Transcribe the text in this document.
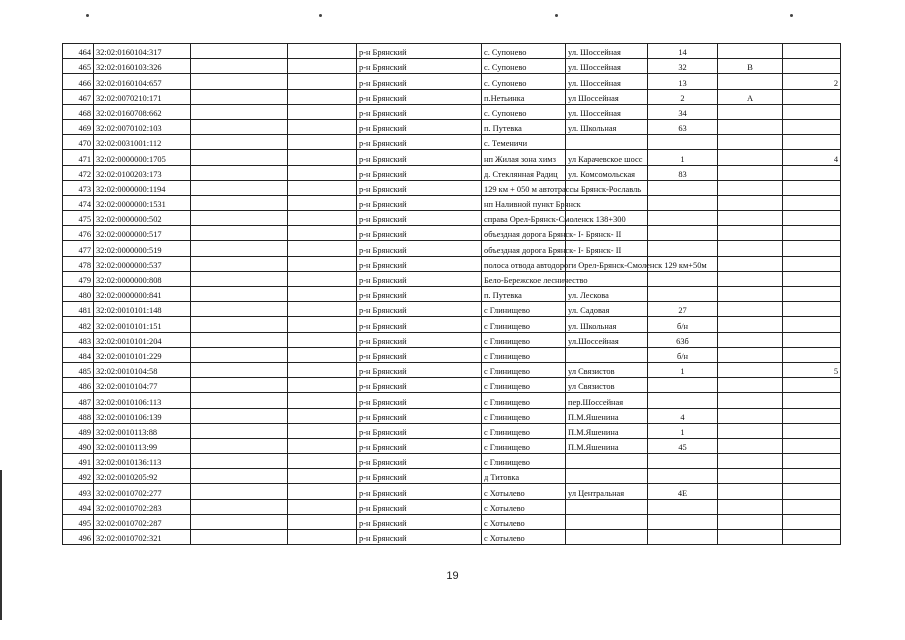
464	32:02:0160104:317			р-н Брянский	с. Супонево	ул. Шоссейная	14		
465	32:02:0160103:326			р-н Брянский	с. Супонево	ул. Шоссейная	32	В	
466	32:02:0160104:657			р-н Брянский	с. Супонево	ул. Шоссейная	13		2
467	32:02:0070210:171			р-н Брянский	п.Нетьинка	ул Шоссейная	2	А	
468	32:02:0160708:662			р-н Брянский	с. Супонево	ул. Шоссейная	34		
469	32:02:0070102:103			р-н Брянский	п. Путевка	ул. Школьная	63		
470	32:02:0031001:112			р-н Брянский	с. Теменичи				
471	32:02:0000000:1705			р-н Брянский	нп Жилая зона химз	ул Карачевское шосс	1		4
472	32:02:0100203:173			р-н Брянский	д. Стеклянная Радиц	ул. Комсомольская	83		
473	32:02:0000000:1194			р-н Брянский	129 км + 050 м автотрассы Брянск-Рославль				
474	32:02:0000000:1531			р-н Брянский	нп Наливной пункт Брянск				
475	32:02:0000000:502			р-н Брянский	справа Орел-Брянск-Смоленск 138+300				
476	32:02:0000000:517			р-н Брянский	объездная дорога Брянск- I- Брянск- II				
477	32:02:0000000:519			р-н Брянский	объездная дорога Брянск- I- Брянск- II				
478	32:02:0000000:537			р-н Брянский	полоса отвода автодороги Орел-Брянск-Смоленск 129 км+50м				
479	32:02:0000000:808			р-н Брянский	Бело-Бережское лесничество				
480	32:02:0000000:841			р-н Брянский	п. Путевка	ул. Лескова			
481	32:02:0010101:148			р-н Брянский	с Глинищево	ул. Садовая	27		
482	32:02:0010101:151			р-н Брянский	с Глинищево	ул. Школьная	б/н		
483	32:02:0010101:204			р-н Брянский	с Глинищево	ул.Шоссейная	63б		
484	32:02:0010101:229			р-н Брянский	с Глинищево		б/н		
485	32:02:0010104:58			р-н Брянский	с Глинищево	ул Связистов	1		5
486	32:02:0010104:77			р-н Брянский	с Глинищево	ул Связистов			
487	32:02:0010106:113			р-н Брянский	с Глинищево	пер.Шоссейная			
488	32:02:0010106:139			р-н Брянский	с Глинищево	П.М.Яшенина	4		
489	32:02:0010113:88			р-н Брянский	с Глинищево	П.М.Яшенина	1		
490	32:02:0010113:99			р-н Брянский	с Глинищево	П.М.Яшенина	45		
491	32:02:0010136:113			р-н Брянский	с Глинищево				
492	32:02:0010205:92			р-н Брянский	д Титовка				
493	32:02:0010702:277			р-н Брянский	с Хотылево	ул Центральная	4Е		
494	32:02:0010702:283			р-н Брянский	с Хотылево				
495	32:02:0010702:287			р-н Брянский	с Хотылево				
496	32:02:0010702:321			р-н Брянский	с Хотылево				
19
